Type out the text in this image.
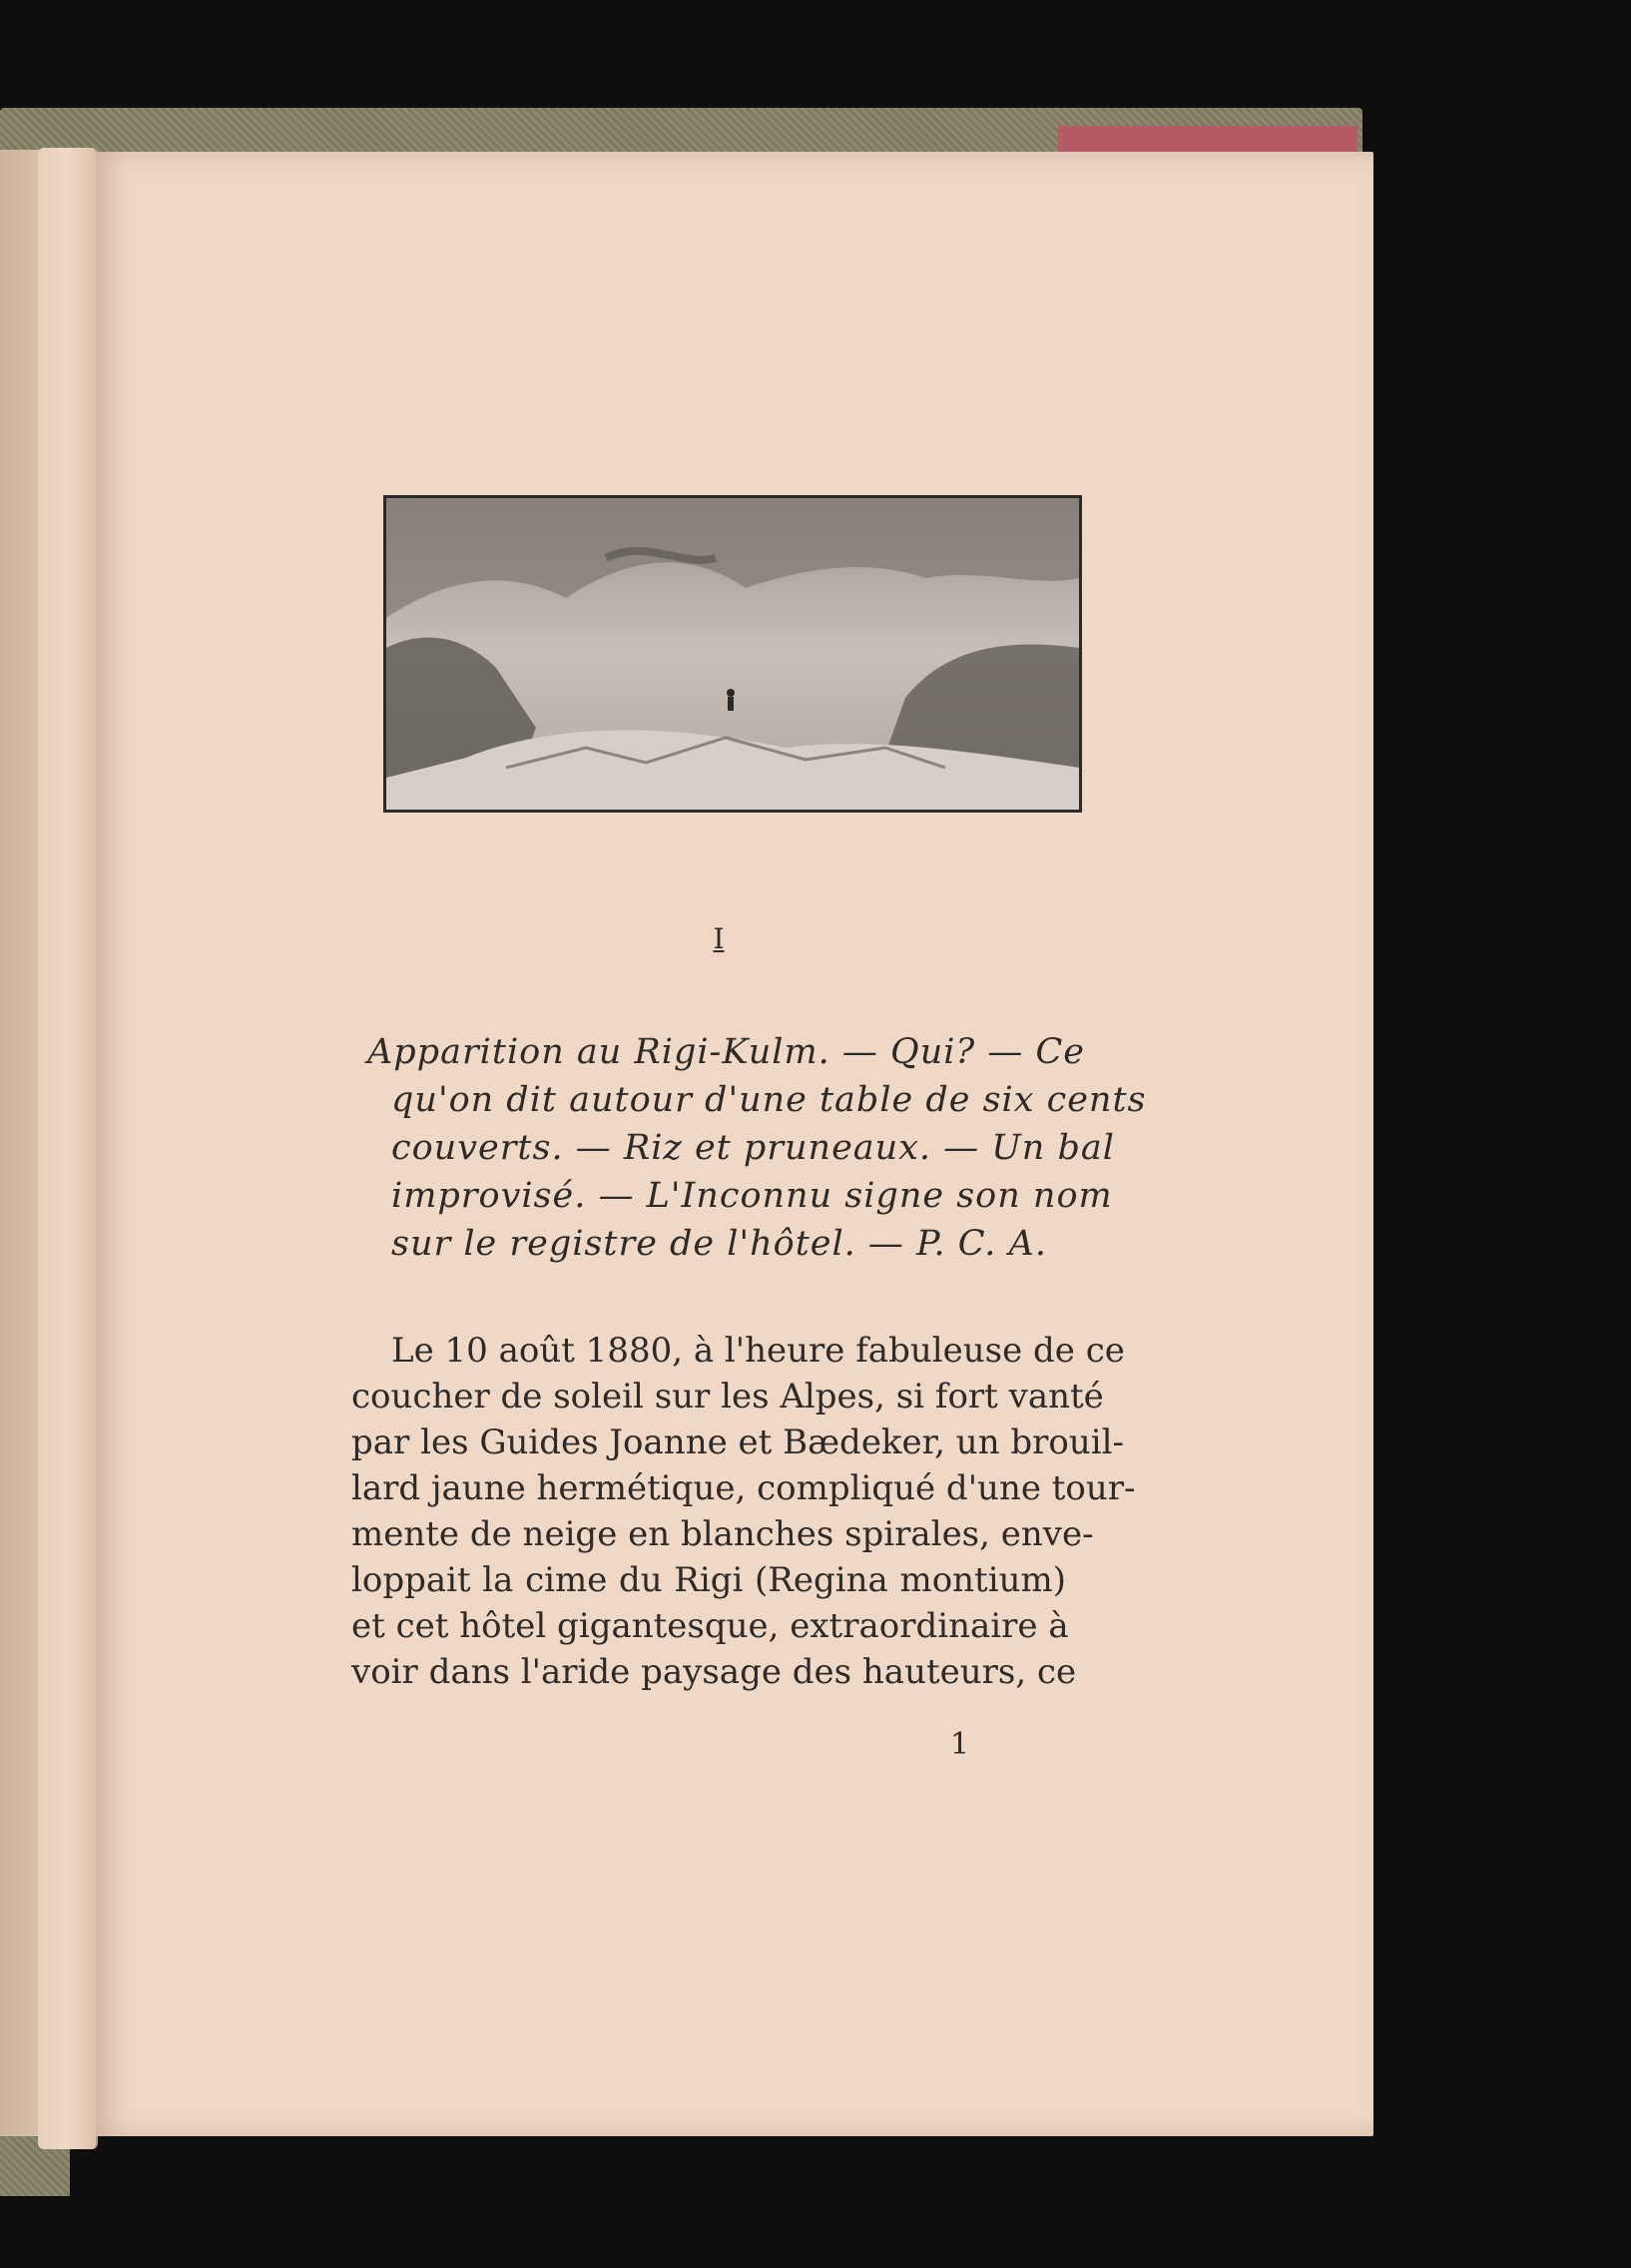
I
Apparition au Rigi-Kulm. — Qui? — Ce
qu'on dit autour d'une table de six cents
couverts. — Riz et pruneaux. — Un bal
improvisé. — L'Inconnu signe son nom
sur le registre de l'hôtel. — P. C. A.
Le 10 août 1880, à l'heure fabuleuse de ce
coucher de soleil sur les Alpes, si fort vanté
par les Guides Joanne et Bædeker, un brouil-
lard jaune hermétique, compliqué d'une tour-
mente de neige en blanches spirales, enve-
loppait la cime du Rigi (Regina montium)
et cet hôtel gigantesque, extraordinaire à
voir dans l'aride paysage des hauteurs, ce
1
